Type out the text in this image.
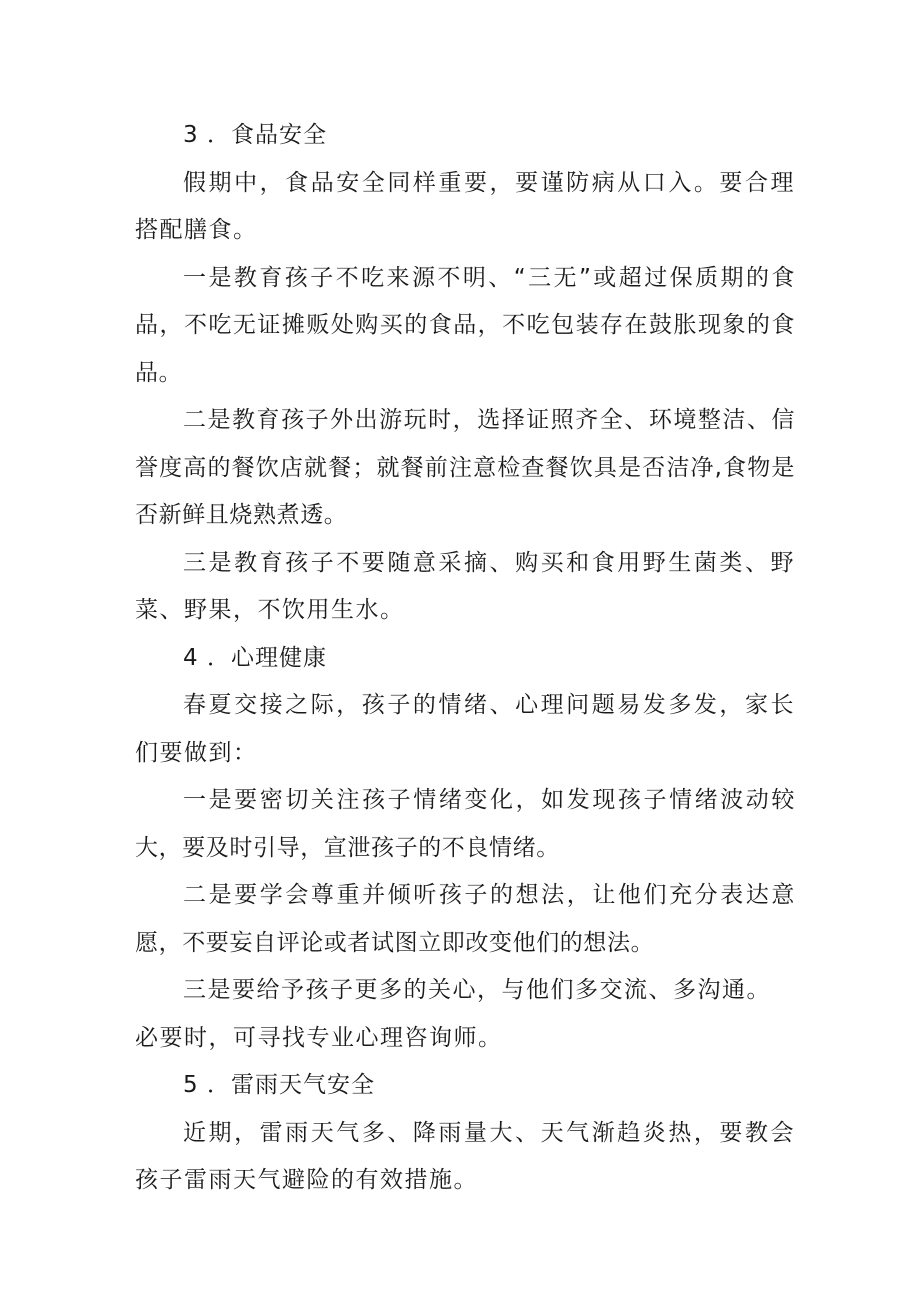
3 ．食品安全

假期中，食品安全同样重要，要谨防病从口入。要合理搭配膳食。

一是教育孩子不吃来源不明、“三无”或超过保质期的食品，不吃无证摊贩处购买的食品，不吃包装存在鼓胀现象的食品。

二是教育孩子外出游玩时，选择证照齐全、环境整洁、信誉度高的餐饮店就餐；就餐前注意检查餐饮具是否洁净,食物是否新鲜且烧熟煮透。

三是教育孩子不要随意采摘、购买和食用野生菌类、野菜、野果，不饮用生水。

4 ．心理健康

春夏交接之际，孩子的情绪、心理问题易发多发，家长们要做到：

一是要密切关注孩子情绪变化，如发现孩子情绪波动较大，要及时引导，宣泄孩子的不良情绪。

二是要学会尊重并倾听孩子的想法，让他们充分表达意愿，不要妄自评论或者试图立即改变他们的想法。

三是要给予孩子更多的关心，与他们多交流、多沟通。

必要时，可寻找专业心理咨询师。

5 ．雷雨天气安全

近期，雷雨天气多、降雨量大、天气渐趋炎热，要教会孩子雷雨天气避险的有效措施。
